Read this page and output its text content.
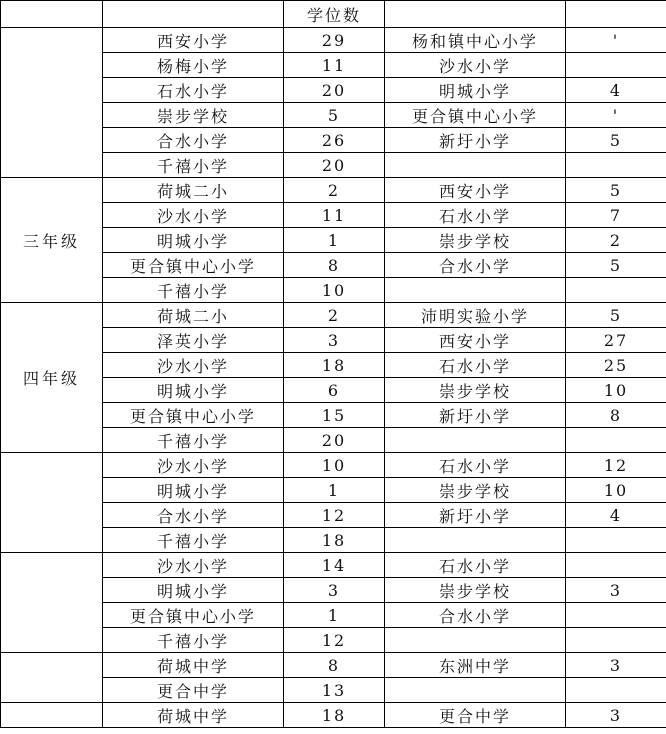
		学位数		
	西安小学	29	杨和镇中心小学	'
	杨梅小学	11	沙水小学	
	石水小学	20	明城小学	4
	崇步学校	5	更合镇中心小学	'
	合水小学	26	新圩小学	5
	千禧小学	20		
三年级	荷城二小	2	西安小学	5
	沙水小学	11	石水小学	7
	明城小学	1	崇步学校	2
	更合镇中心小学	8	合水小学	5
	千禧小学	10		
四年级	荷城二小	2	沛明实验小学	5
	泽英小学	3	西安小学	27
	沙水小学	18	石水小学	25
	明城小学	6	崇步学校	10
	更合镇中心小学	15	新圩小学	8
	千禧小学	20		
	沙水小学	10	石水小学	12
	明城小学	1	崇步学校	10
	合水小学	12	新圩小学	4
	千禧小学	18		
	沙水小学	14	石水小学	
	明城小学	3	崇步学校	3
	更合镇中心小学	1	合水小学	
	千禧小学	12		
	荷城中学	8	东洲中学	3
	更合中学	13		
	荷城中学	18	更合中学	3
